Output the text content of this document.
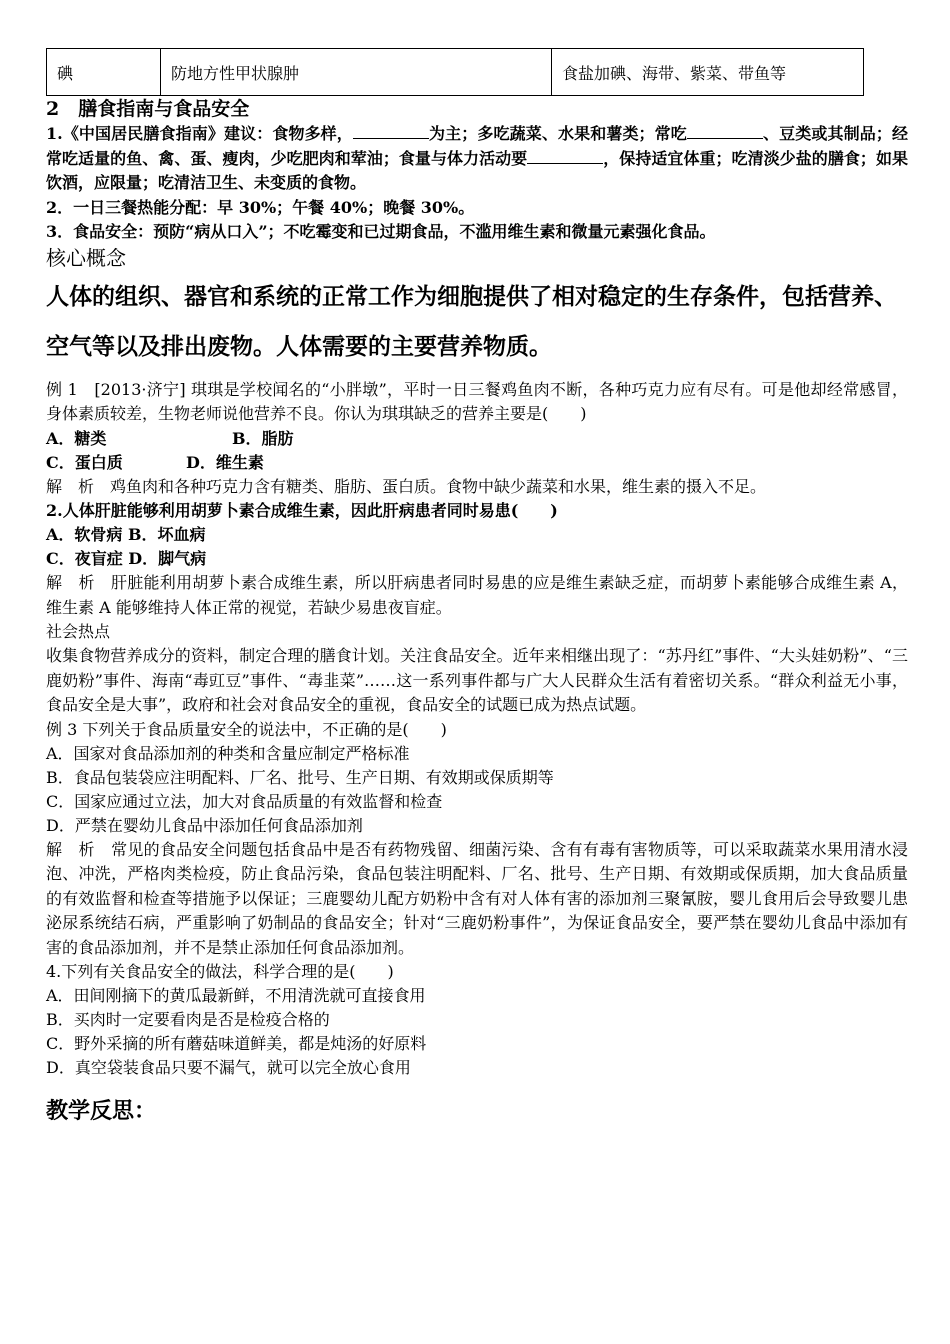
碘	防地方性甲状腺肿	食盐加碘、海带、紫菜、带鱼等
2　膳食指南与食品安全
1.《中国居民膳食指南》建议：食物多样，	为主；多吃蔬菜、水果和薯类；常吃	、豆类或其制品；经常吃适量的鱼、禽、蛋、瘦肉，少吃肥肉和荤油；食量与体力活动要	，保持适宜体重；吃清淡少盐的膳食；如果饮酒，应限量；吃清洁卫生、未变质的食物。
2．一日三餐热能分配：早 30%；午餐 40%；晚餐 30%。
3．食品安全：预防“病从口入”；不吃霉变和已过期食品，不滥用维生素和微量元素强化食品。
核心概念
人体的组织、器官和系统的正常工作为细胞提供了相对稳定的生存条件，包括营养、空气等以及排出废物。人体需要的主要营养物质。
例 1　[2013·济宁] 琪琪是学校闻名的“小胖墩”，平时一日三餐鸡鱼肉不断，各种巧克力应有尽有。可是他却经常感冒，身体素质较差，生物老师说他营养不良。你认为琪琪缺乏的营养主要是(　　)
A．糖类	B．脂肪
C．蛋白质	D．维生素
解　析　鸡鱼肉和各种巧克力含有糖类、脂肪、蛋白质。食物中缺少蔬菜和水果，维生素的摄入不足。
2.人体肝脏能够利用胡萝卜素合成维生素，因此肝病患者同时易患(　　)
A．软骨病 B．坏血病
C．夜盲症 D．脚气病
解　析　肝脏能利用胡萝卜素合成维生素，所以肝病患者同时易患的应是维生素缺乏症，而胡萝卜素能够合成维生素 A，维生素 A 能够维持人体正常的视觉，若缺少易患夜盲症。
社会热点
收集食物营养成分的资料，制定合理的膳食计划。关注食品安全。近年来相继出现了：“苏丹红”事件、“大头娃奶粉”、“三鹿奶粉”事件、海南“毒豇豆”事件、“毒韭菜”……这一系列事件都与广大人民群众生活有着密切关系。“群众利益无小事，食品安全是大事”，政府和社会对食品安全的重视，食品安全的试题已成为热点试题。
例 3 下列关于食品质量安全的说法中，不正确的是(　　)
A．国家对食品添加剂的种类和含量应制定严格标准
B．食品包装袋应注明配料、厂名、批号、生产日期、有效期或保质期等
C．国家应通过立法，加大对食品质量的有效监督和检查
D．严禁在婴幼儿食品中添加任何食品添加剂
解　析　常见的食品安全问题包括食品中是否有药物残留、细菌污染、含有有毒有害物质等，可以采取蔬菜水果用清水浸泡、冲洗，严格肉类检疫，防止食品污染，食品包装注明配料、厂名、批号、生产日期、有效期或保质期，加大食品质量的有效监督和检查等措施予以保证；三鹿婴幼儿配方奶粉中含有对人体有害的添加剂三聚氰胺，婴儿食用后会导致婴儿患泌尿系统结石病，严重影响了奶制品的食品安全；针对“三鹿奶粉事件”，为保证食品安全，要严禁在婴幼儿食品中添加有害的食品添加剂，并不是禁止添加任何食品添加剂。
4.下列有关食品安全的做法，科学合理的是(　　)
A．田间刚摘下的黄瓜最新鲜，不用清洗就可直接食用
B．买肉时一定要看肉是否是检疫合格的
C．野外采摘的所有蘑菇味道鲜美，都是炖汤的好原料
D．真空袋装食品只要不漏气，就可以完全放心食用
教学反思：
